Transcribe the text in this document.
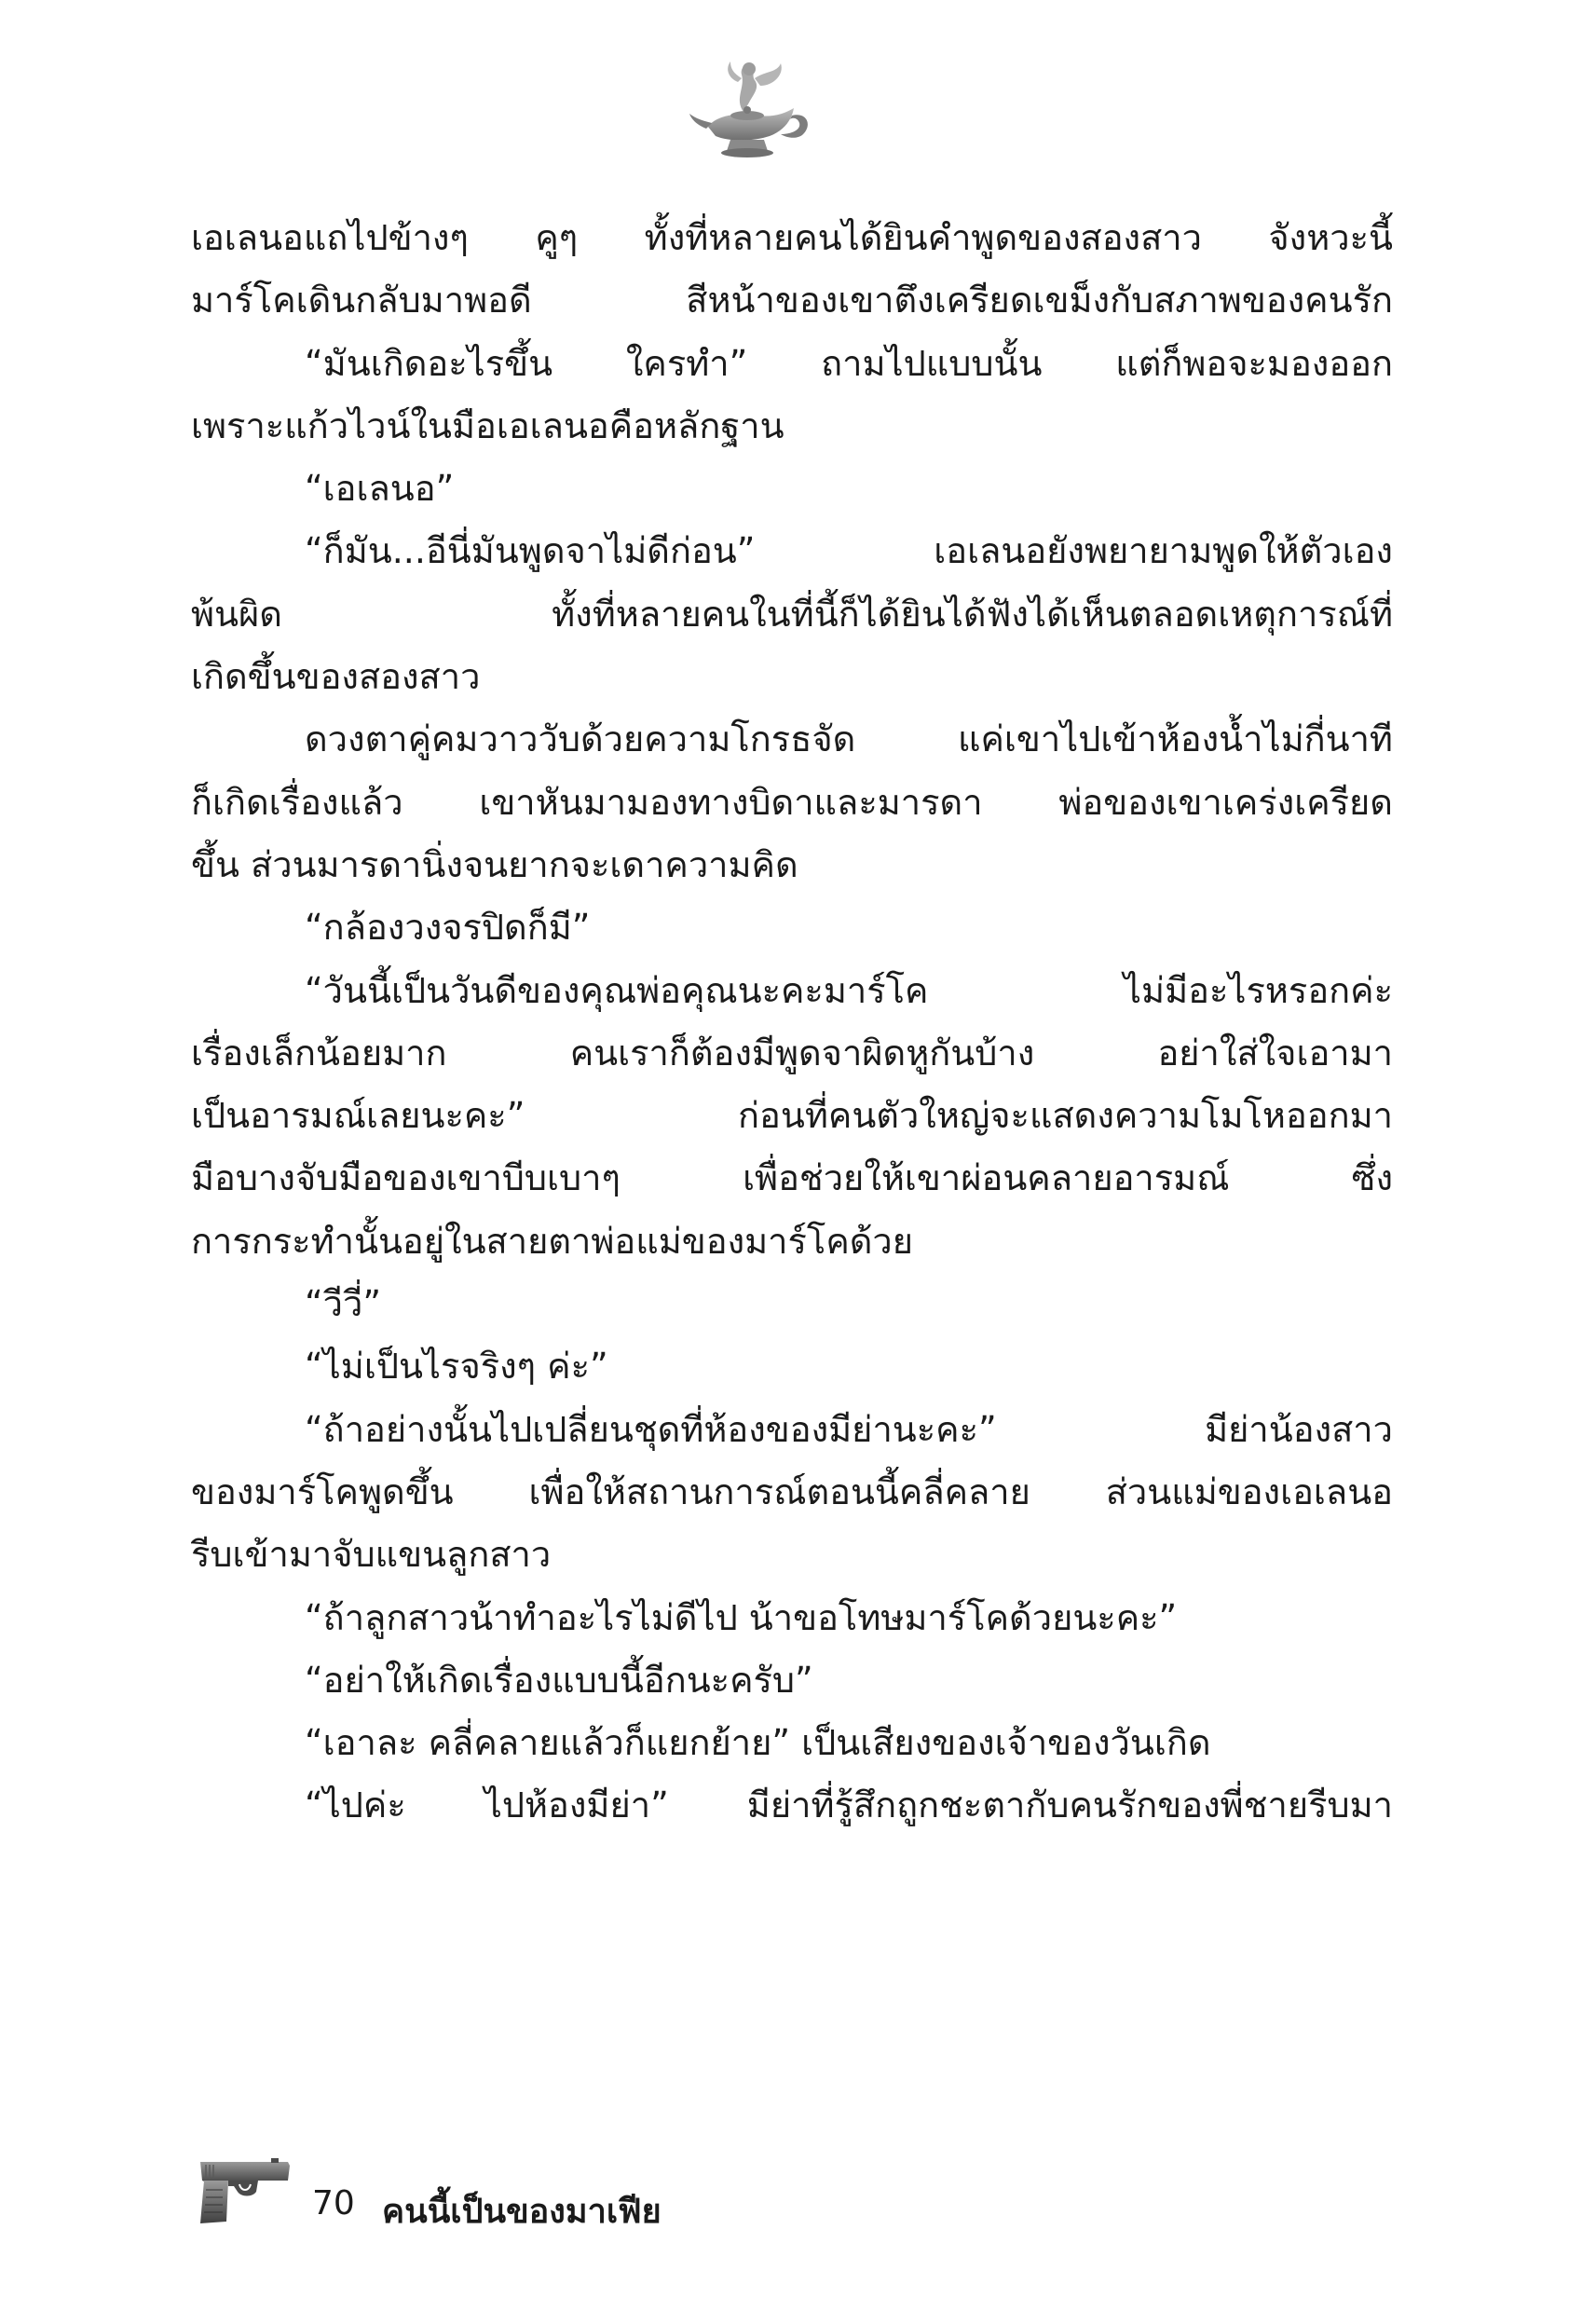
เอเลนอแถไปข้างๆ คูๆ ทั้งที่หลายคนได้ยินคำพูดของสองสาว จังหวะนี้
มาร์โคเดินกลับมาพอดี สีหน้าของเขาตึงเครียดเขม็งกับสภาพของคนรัก
“มันเกิดอะไรขึ้น ใครทำ” ถามไปแบบนั้น แต่ก็พอจะมองออก
เพราะแก้วไวน์ในมือเอเลนอคือหลักฐาน
“เอเลนอ”
“ก็มัน...อีนี่มันพูดจาไม่ดีก่อน” เอเลนอยังพยายามพูดให้ตัวเอง
พ้นผิด ทั้งที่หลายคนในที่นี้ก็ได้ยินได้ฟังได้เห็นตลอดเหตุการณ์ที่
เกิดขึ้นของสองสาว
ดวงตาคู่คมวาววับด้วยความโกรธจัด แค่เขาไปเข้าห้องน้ำไม่กี่นาที
ก็เกิดเรื่องแล้ว เขาหันมามองทางบิดาและมารดา พ่อของเขาเคร่งเครียด
ขึ้น ส่วนมารดานิ่งจนยากจะเดาความคิด
“กล้องวงจรปิดก็มี”
“วันนี้เป็นวันดีของคุณพ่อคุณนะคะมาร์โค ไม่มีอะไรหรอกค่ะ
เรื่องเล็กน้อยมาก คนเราก็ต้องมีพูดจาผิดหูกันบ้าง อย่าใส่ใจเอามา
เป็นอารมณ์เลยนะคะ” ก่อนที่คนตัวใหญ่จะแสดงความโมโหออกมา
มือบางจับมือของเขาบีบเบาๆ เพื่อช่วยให้เขาผ่อนคลายอารมณ์ ซึ่ง
การกระทำนั้นอยู่ในสายตาพ่อแม่ของมาร์โคด้วย
“วีวี่”
“ไม่เป็นไรจริงๆ ค่ะ”
“ถ้าอย่างนั้นไปเปลี่ยนชุดที่ห้องของมีย่านะคะ” มีย่าน้องสาว
ของมาร์โคพูดขึ้น เพื่อให้สถานการณ์ตอนนี้คลี่คลาย ส่วนแม่ของเอเลนอ
รีบเข้ามาจับแขนลูกสาว
“ถ้าลูกสาวน้าทำอะไรไม่ดีไป น้าขอโทษมาร์โคด้วยนะคะ”
“อย่าให้เกิดเรื่องแบบนี้อีกนะครับ”
“เอาละ คลี่คลายแล้วก็แยกย้าย” เป็นเสียงของเจ้าของวันเกิด
“ไปค่ะ ไปห้องมีย่า” มีย่าที่รู้สึกถูกชะตากับคนรักของพี่ชายรีบมา
70 คนนี้เป็นของมาเฟีย
